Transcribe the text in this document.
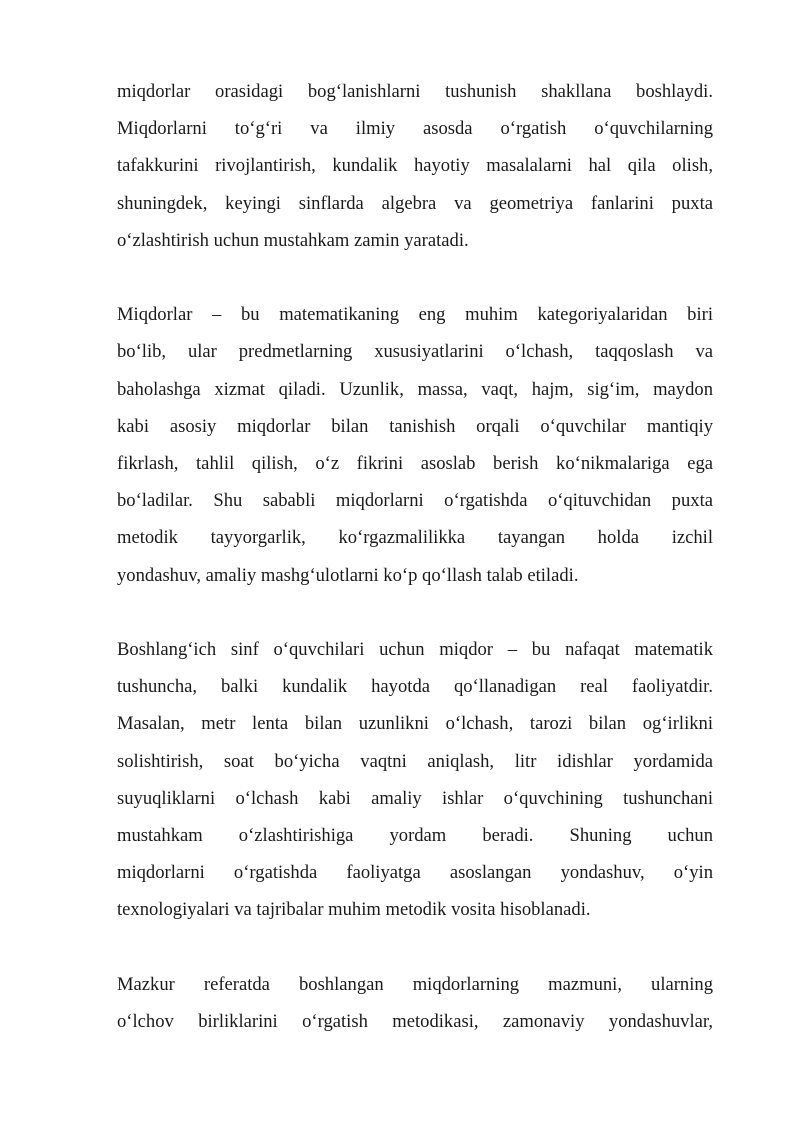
miqdorlar orasidagi bog‘lanishlarni tushunish shakllana boshlaydi.
Miqdorlarni to‘g‘ri va ilmiy asosda o‘rgatish o‘quvchilarning
tafakkurini rivojlantirish, kundalik hayotiy masalalarni hal qila olish,
shuningdek, keyingi sinflarda algebra va geometriya fanlarini puxta
o‘zlashtirish uchun mustahkam zamin yaratadi.

Miqdorlar – bu matematikaning eng muhim kategoriyalaridan biri
bo‘lib, ular predmetlarning xususiyatlarini o‘lchash, taqqoslash va
baholashga xizmat qiladi. Uzunlik, massa, vaqt, hajm, sig‘im, maydon
kabi asosiy miqdorlar bilan tanishish orqali o‘quvchilar mantiqiy
fikrlash, tahlil qilish, o‘z fikrini asoslab berish ko‘nikmalariga ega
bo‘ladilar. Shu sababli miqdorlarni o‘rgatishda o‘qituvchidan puxta
metodik tayyorgarlik, ko‘rgazmalilikka tayangan holda izchil
yondashuv, amaliy mashg‘ulotlarni ko‘p qo‘llash talab etiladi.

Boshlang‘ich sinf o‘quvchilari uchun miqdor – bu nafaqat matematik
tushuncha, balki kundalik hayotda qo‘llanadigan real faoliyatdir.
Masalan, metr lenta bilan uzunlikni o‘lchash, tarozi bilan og‘irlikni
solishtirish, soat bo‘yicha vaqtni aniqlash, litr idishlar yordamida
suyuqliklarni o‘lchash kabi amaliy ishlar o‘quvchining tushunchani
mustahkam o‘zlashtirishiga yordam beradi. Shuning uchun
miqdorlarni o‘rgatishda faoliyatga asoslangan yondashuv, o‘yin
texnologiyalari va tajribalar muhim metodik vosita hisoblanadi.

Mazkur referatda boshlangan miqdorlarning mazmuni, ularning
o‘lchov birliklarini o‘rgatish metodikasi, zamonaviy yondashuvlar,
